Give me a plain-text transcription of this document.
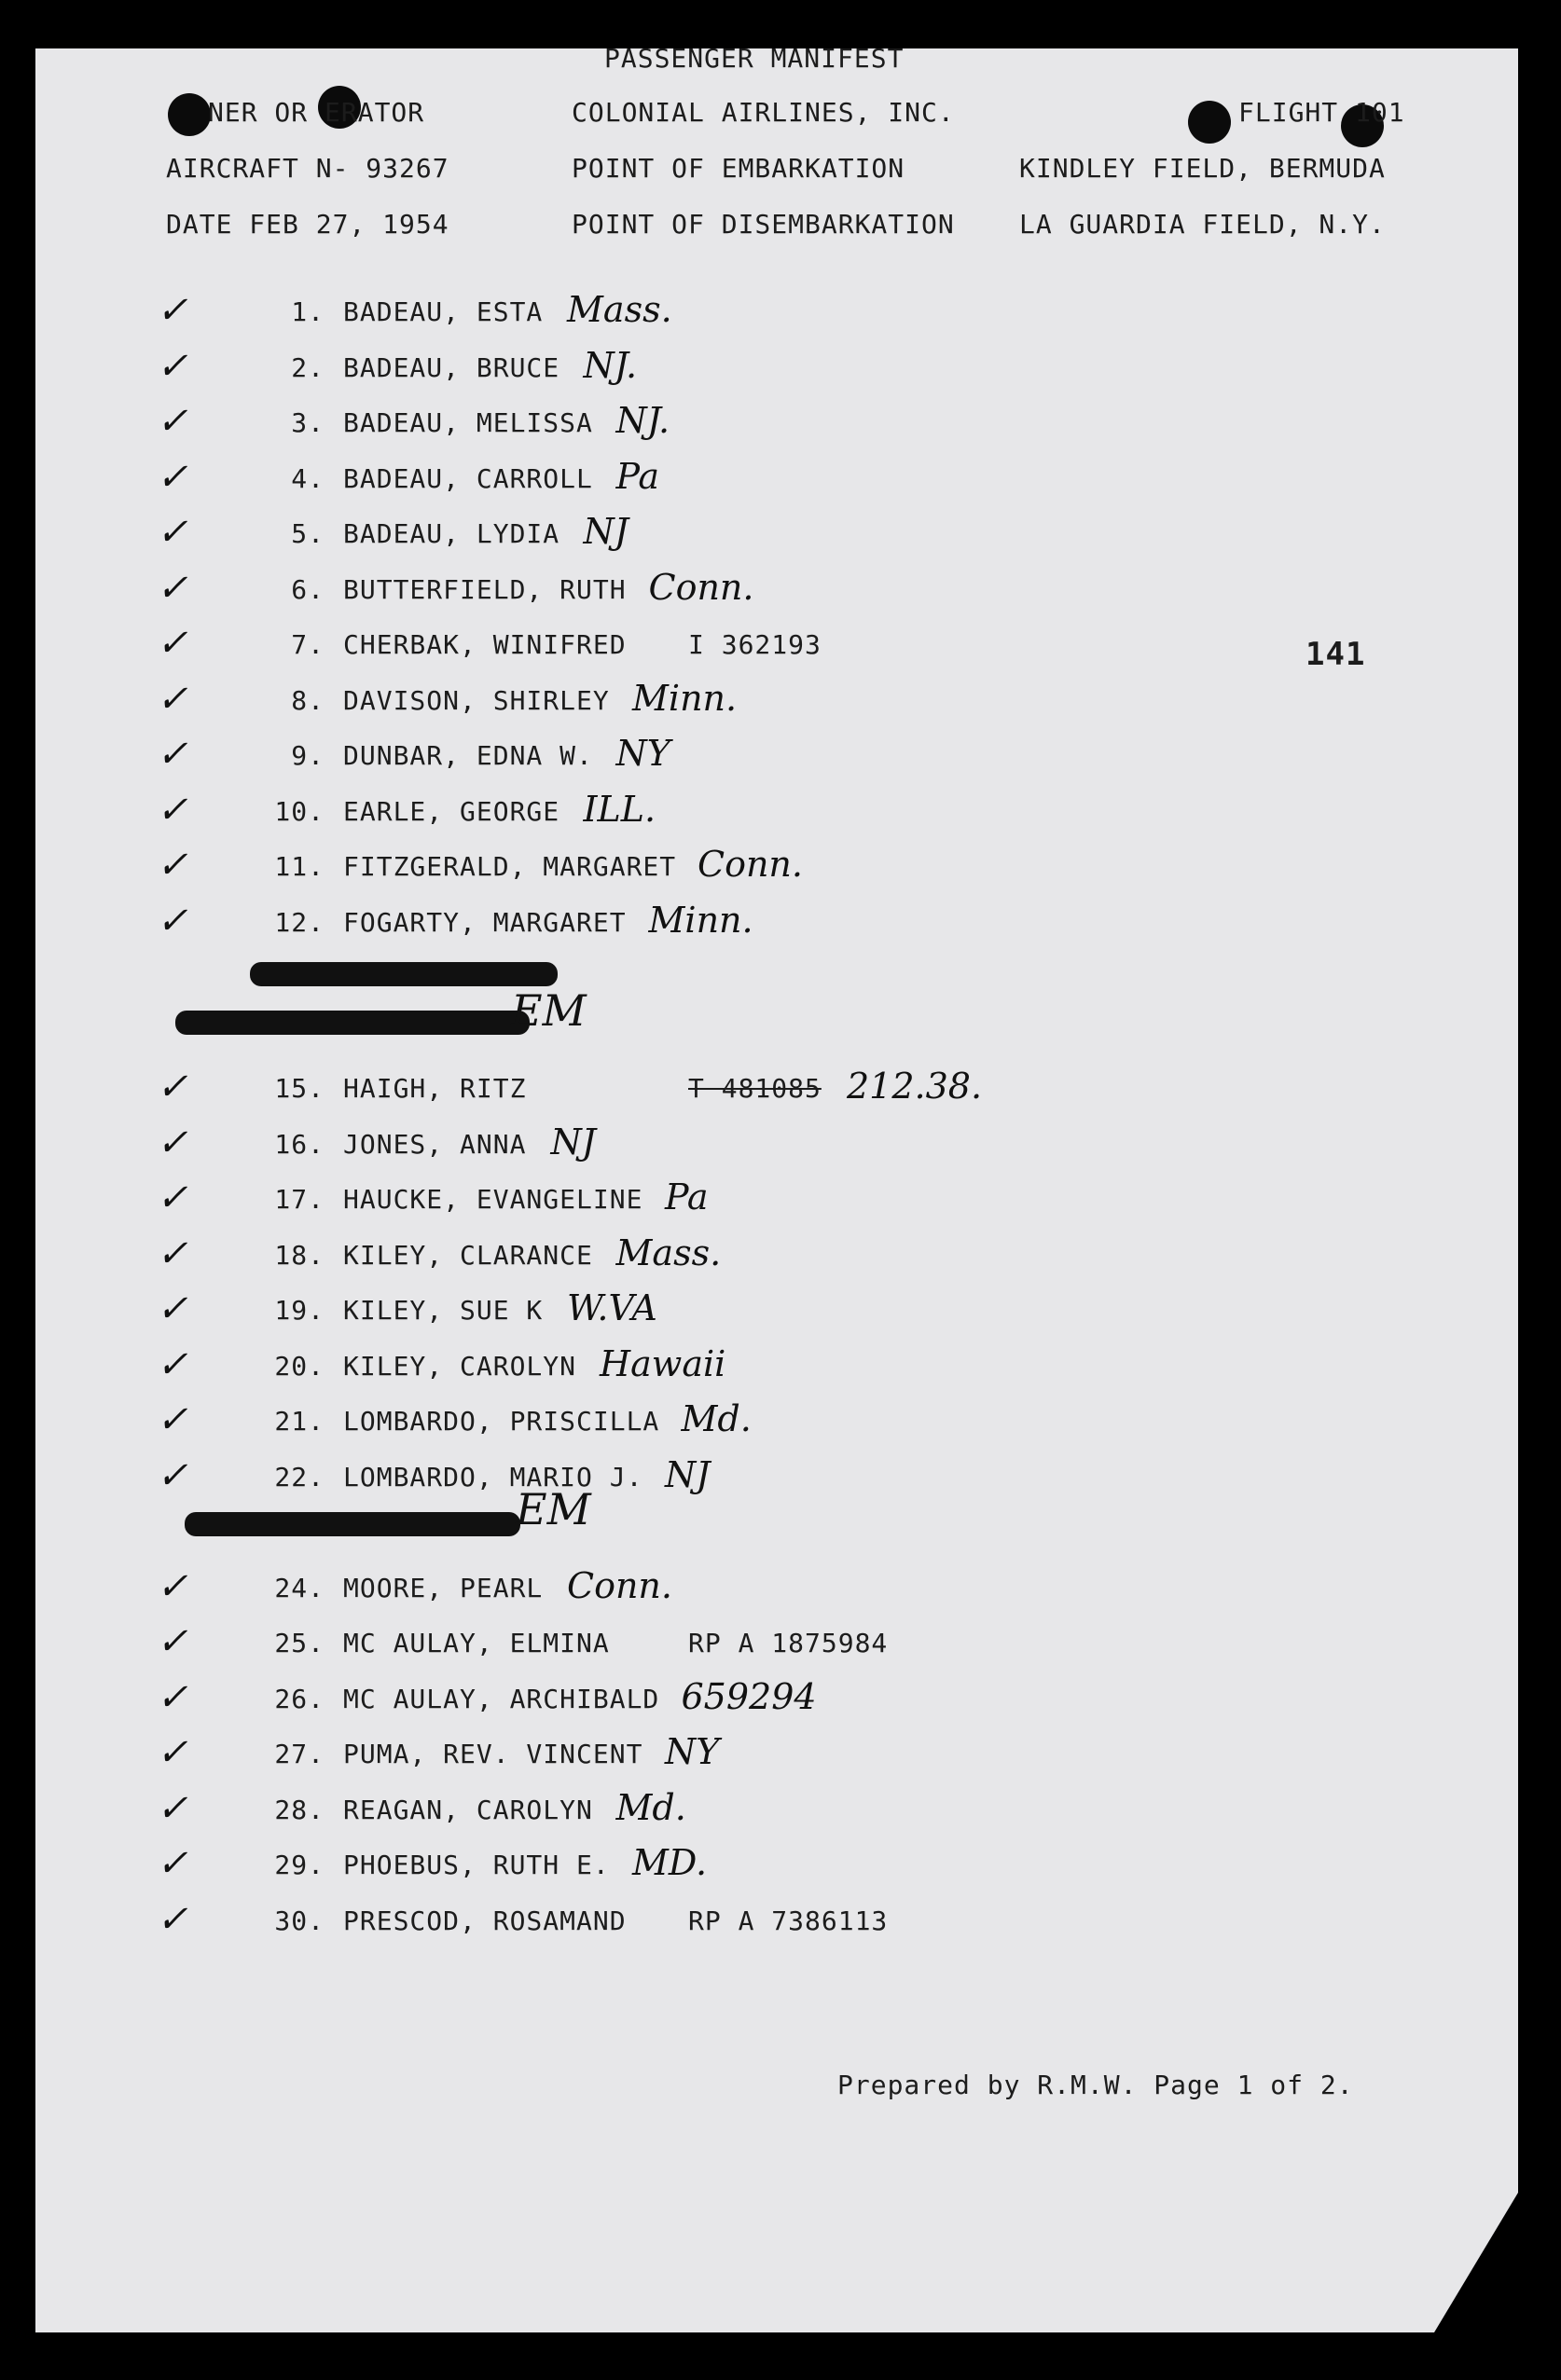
PASSENGER MANIFEST
NER OR ERATOR	COLONIAL AIRLINES, INC.	FLIGHT 101
AIRCRAFT N- 93267	POINT OF EMBARKATION	KINDLEY FIELD, BERMUDA
DATE FEB 27, 1954	POINT OF DISEMBARKATION LA GUARDIA FIELD, N.Y.
141
✓	1. BADEAU, ESTA Mass.
✓	2. BADEAU, BRUCE NJ.
✓	3. BADEAU, MELISSA NJ.
✓	4. BADEAU, CARROLL Pa
✓	5. BADEAU, LYDIA NJ
✓	6. BUTTERFIELD, RUTH Conn.
✓	7. CHERBAK, WINIFRED I 362193
✓	8. DAVISON, SHIRLEY Minn.
✓	9. DUNBAR, EDNA W. NY
✓	10. EARLE, GEORGE ILL.
✓	11. FITZGERALD, MARGARET Conn.
✓	12. FOGARTY, MARGARET Minn.
✓	15. HAIGH, RITZ	T 481085 212.38.
✓	16. JONES, ANNA NJ
✓	17. HAUCKE, EVANGELINE Pa
✓	18. KILEY, CLARANCE Mass.
✓	19. KILEY, SUE K W.VA
✓	20. KILEY, CAROLYN Hawaii
✓	21. LOMBARDO, PRISCILLA Md.
✓	22. LOMBARDO, MARIO J. NJ
✓	24. MOORE, PEARL Conn.
✓	25. MC AULAY, ELMINA	RP A 1875984
✓	26. MC AULAY, ARCHIBALD 659294
✓	27. PUMA, REV. VINCENT NY
✓	28. REAGAN, CAROLYN Md.
✓	29. PHOEBUS, RUTH E. MD.
✓	30. PRESCOD, ROSAMAND RP A 7386113
EM
EM
Prepared by R.M.W. Page 1 of 2.
